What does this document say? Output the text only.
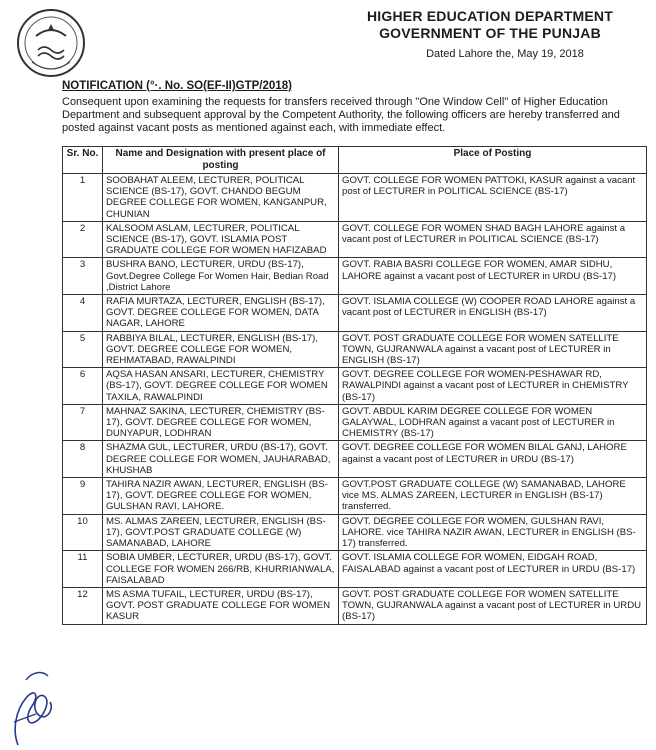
HIGHER EDUCATION DEPARTMENT
GOVERNMENT OF THE PUNJAB
Dated Lahore the, May 19, 2018
NOTIFICATION (°·. No. SO(EF-II)GTP/2018)
Consequent upon examining the requests for transfers received through "One Window Cell" of Higher Education Department and subsequent approval by the Competent Authority, the following officers are hereby transferred and posted against vacant posts as mentioned against each, with immediate effect.
Sr. No.	Name and Designation with present place of posting	Place of Posting
1	SOOBAHAT ALEEM, LECTURER, POLITICAL SCIENCE (BS-17), GOVT. CHANDO BEGUM DEGREE COLLEGE FOR WOMEN, KANGANPUR, CHUNIAN	GOVT. COLLEGE FOR WOMEN PATTOKI, KASUR against a vacant post of LECTURER in POLITICAL SCIENCE (BS-17)
2	KALSOOM ASLAM, LECTURER, POLITICAL SCIENCE (BS-17), GOVT. ISLAMIA POST GRADUATE COLLEGE FOR WOMEN HAFIZABAD	GOVT. COLLEGE FOR WOMEN SHAD BAGH LAHORE against a vacant post of LECTURER in POLITICAL SCIENCE (BS-17)
3	BUSHRA BANO, LECTURER, URDU (BS-17), Govt.Degree College For Women Hair, Bedian Road ,District Lahore	GOVT. RABIA BASRI COLLEGE FOR WOMEN, AMAR SIDHU, LAHORE against a vacant post of LECTURER in URDU (BS-17)
4	RAFIA MURTAZA, LECTURER, ENGLISH (BS-17), GOVT. DEGREE COLLEGE FOR WOMEN, DATA NAGAR, LAHORE	GOVT. ISLAMIA COLLEGE (W) COOPER ROAD LAHORE against a vacant post of LECTURER in ENGLISH (BS-17)
5	RABBIYA BILAL, LECTURER, ENGLISH (BS-17), GOVT. DEGREE COLLEGE FOR WOMEN, REHMATABAD, RAWALPINDI	GOVT. POST GRADUATE COLLEGE FOR WOMEN SATELLITE TOWN, GUJRANWALA against a vacant post of LECTURER in ENGLISH (BS-17)
6	AQSA HASAN ANSARI, LECTURER, CHEMISTRY (BS-17), GOVT. DEGREE COLLEGE FOR WOMEN TAXILA, RAWALPINDI	GOVT. DEGREE COLLEGE FOR WOMEN-PESHAWAR RD, RAWALPINDI against a vacant post of LECTURER in CHEMISTRY (BS-17)
7	MAHNAZ SAKINA, LECTURER, CHEMISTRY (BS-17), GOVT. DEGREE COLLEGE FOR WOMEN, DUNYAPUR, LODHRAN	GOVT. ABDUL KARIM DEGREE COLLEGE FOR WOMEN GALAYWAL, LODHRAN against a vacant post of LECTURER in CHEMISTRY (BS-17)
8	SHAZMA GUL, LECTURER, URDU (BS-17), GOVT. DEGREE COLLEGE FOR WOMEN, JAUHARABAD, KHUSHAB	GOVT. DEGREE COLLEGE FOR WOMEN BILAL GANJ, LAHORE against a vacant post of LECTURER in URDU (BS-17)
9	TAHIRA NAZIR AWAN, LECTURER, ENGLISH (BS-17), GOVT. DEGREE COLLEGE FOR WOMEN, GULSHAN RAVI, LAHORE.	GOVT.POST GRADUATE COLLEGE (W) SAMANABAD, LAHORE vice MS. ALMAS ZAREEN, LECTURER in ENGLISH (BS-17) transferred.
10	MS. ALMAS ZAREEN, LECTURER, ENGLISH (BS-17), GOVT.POST GRADUATE COLLEGE (W) SAMANABAD, LAHORE	GOVT. DEGREE COLLEGE FOR WOMEN, GULSHAN RAVI, LAHORE. vice TAHIRA NAZIR AWAN, LECTURER in ENGLISH (BS-17) transferred.
11	SOBIA UMBER, LECTURER, URDU (BS-17), GOVT. COLLEGE FOR WOMEN 266/RB, KHURRIANWALA, FAISALABAD	GOVT. ISLAMIA COLLEGE FOR WOMEN, EIDGAH ROAD, FAISALABAD against a vacant post of LECTURER in URDU (BS-17)
12	MS ASMA TUFAIL, LECTURER, URDU (BS-17), GOVT. POST GRADUATE COLLEGE FOR WOMEN KASUR	GOVT. POST GRADUATE COLLEGE FOR WOMEN SATELLITE TOWN, GUJRANWALA against a vacant post of LECTURER in URDU (BS-17)
